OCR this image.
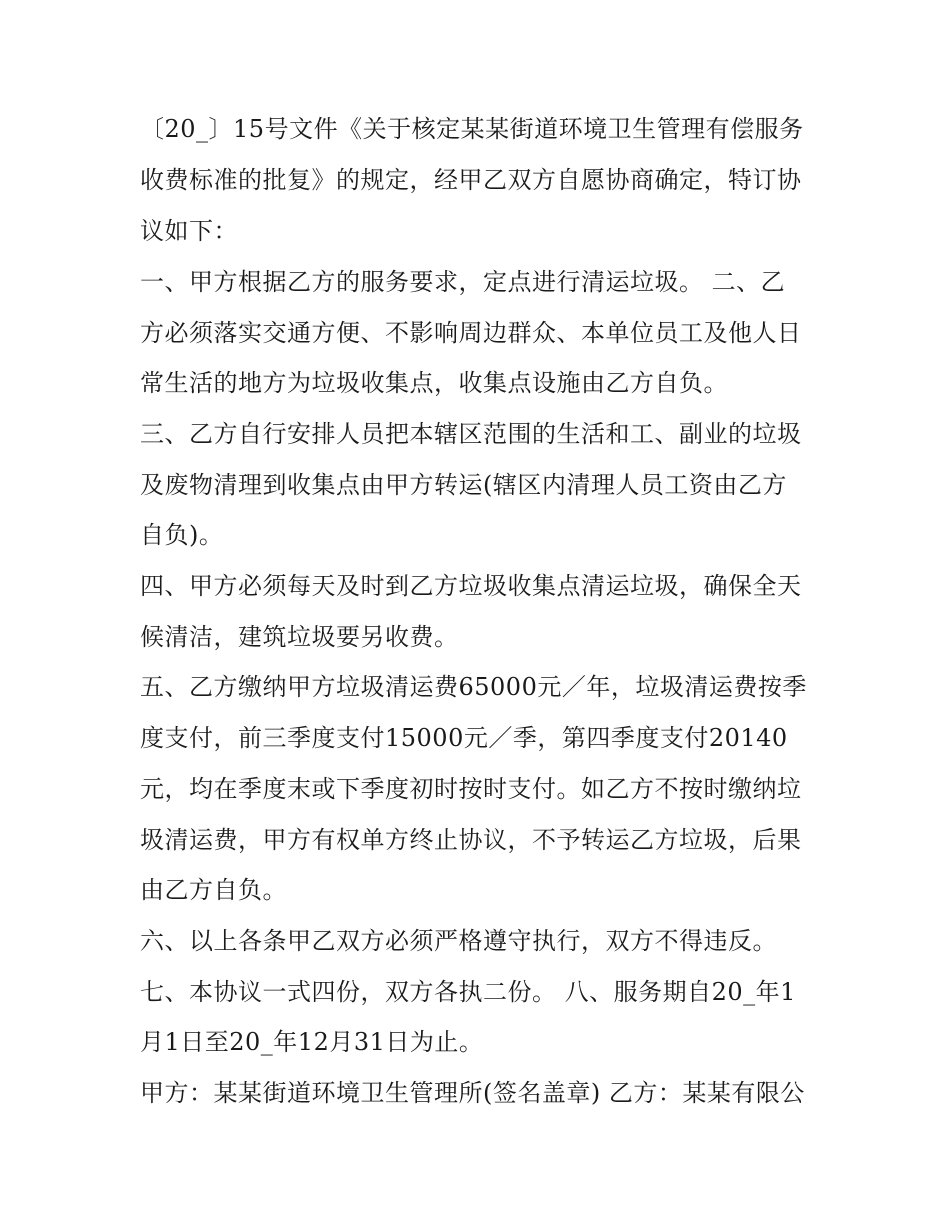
〔20_〕15号文件《关于核定某某街道环境卫生管理有偿服务
收费标准的批复》的规定，经甲乙双方自愿协商确定，特订协
议如下：
一、甲方根据乙方的服务要求，定点进行清运垃圾。 二、乙
方必须落实交通方便、不影响周边群众、本单位员工及他人日
常生活的地方为垃圾收集点，收集点设施由乙方自负。
三、乙方自行安排人员把本辖区范围的生活和工、副业的垃圾
及废物清理到收集点由甲方转运(辖区内清理人员工资由乙方
自负)。
四、甲方必须每天及时到乙方垃圾收集点清运垃圾，确保全天
候清洁，建筑垃圾要另收费。
五、乙方缴纳甲方垃圾清运费65000元／年，垃圾清运费按季
度支付，前三季度支付15000元／季，第四季度支付20140
元，均在季度末或下季度初时按时支付。如乙方不按时缴纳垃
圾清运费，甲方有权单方终止协议，不予转运乙方垃圾，后果
由乙方自负。
六、以上各条甲乙双方必须严格遵守执行，双方不得违反。
七、本协议一式四份，双方各执二份。 八、服务期自20_年1
月1日至20_年12月31日为止。
甲方：某某街道环境卫生管理所(签名盖章) 乙方：某某有限公
